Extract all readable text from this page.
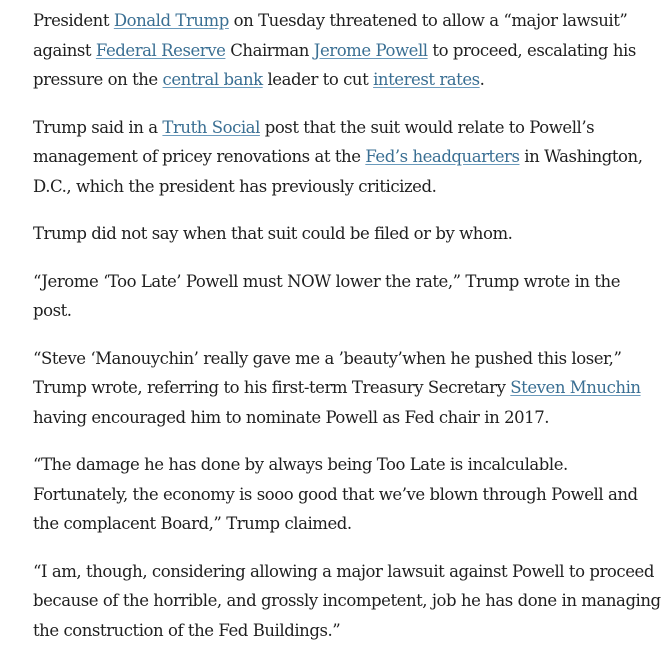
President Donald Trump on Tuesday threatened to allow a “major lawsuit” against Federal Reserve Chairman Jerome Powell to proceed, escalating his pressure on the central bank leader to cut interest rates.

Trump said in a Truth Social post that the suit would relate to Powell’s management of pricey renovations at the Fed’s headquarters in Washington, D.C., which the president has previously criticized.

Trump did not say when that suit could be filed or by whom.

“Jerome ‘Too Late’ Powell must NOW lower the rate,” Trump wrote in the post.

“Steve ‘Manouychin’ really gave me a ’beauty’when he pushed this loser,” Trump wrote, referring to his first-term Treasury Secretary Steven Mnuchin having encouraged him to nominate Powell as Fed chair in 2017.

“The damage he has done by always being Too Late is incalculable. Fortunately, the economy is sooo good that we’ve blown through Powell and the complacent Board,” Trump claimed.

“I am, though, considering allowing a major lawsuit against Powell to proceed because of the horrible, and grossly incompetent, job he has done in managing the construction of the Fed Buildings.”
